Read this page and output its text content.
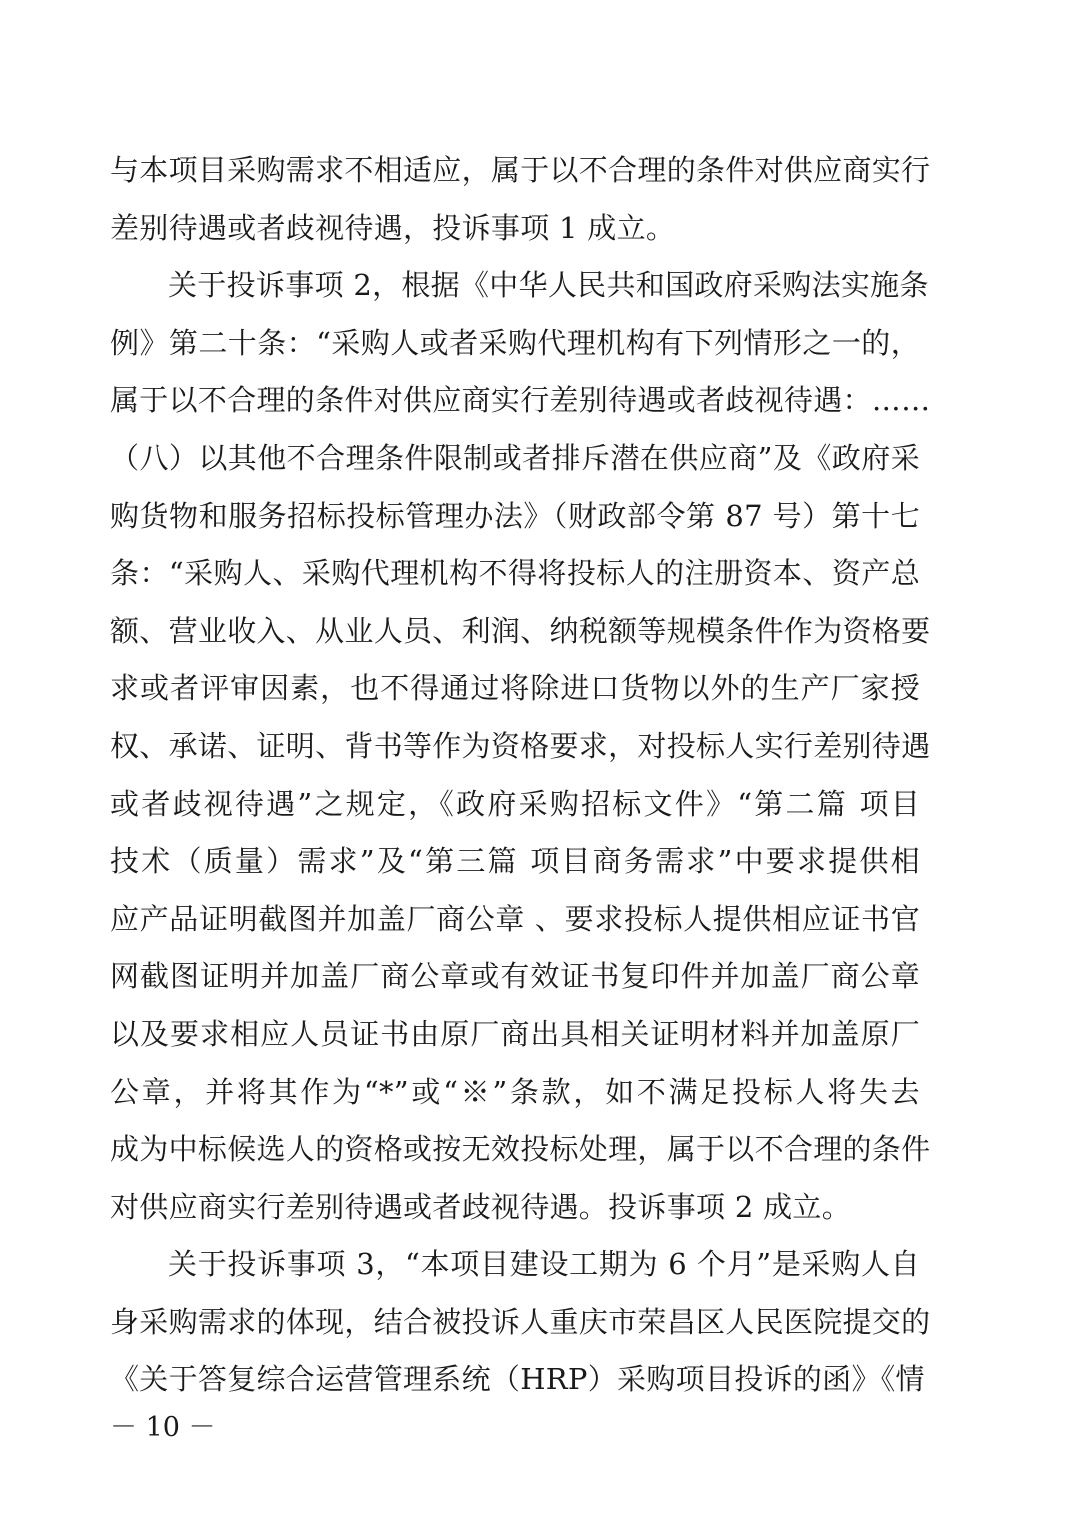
与本项目采购需求不相适应，属于以不合理的条件对供应商实行
差别待遇或者歧视待遇，投诉事项 1 成立。
关于投诉事项 2，根据《中华人民共和国政府采购法实施条
例》第二十条：“采购人或者采购代理机构有下列情形之一的，
属于以不合理的条件对供应商实行差别待遇或者歧视待遇：……
（八）以其他不合理条件限制或者排斥潜在供应商”及《政府采
购货物和服务招标投标管理办法》（财政部令第 87 号）第十七
条：“采购人、采购代理机构不得将投标人的注册资本、资产总
额、营业收入、从业人员、利润、纳税额等规模条件作为资格要
求或者评审因素，也不得通过将除进口货物以外的生产厂家授
权、承诺、证明、背书等作为资格要求，对投标人实行差别待遇
或者歧视待遇”之规定，《政府采购招标文件》“第二篇 项目
技术（质量）需求”及“第三篇 项目商务需求”中要求提供相
应产品证明截图并加盖厂商公章 、要求投标人提供相应证书官
网截图证明并加盖厂商公章或有效证书复印件并加盖厂商公章
以及要求相应人员证书由原厂商出具相关证明材料并加盖原厂
公章，并将其作为“*”或“※”条款，如不满足投标人将失去
成为中标候选人的资格或按无效投标处理，属于以不合理的条件
对供应商实行差别待遇或者歧视待遇。投诉事项 2 成立。
关于投诉事项 3，“本项目建设工期为 6 个月”是采购人自
身采购需求的体现，结合被投诉人重庆市荣昌区人民医院提交的
《关于答复综合运营管理系统（HRP）采购项目投诉的函》《情
－ 10 －
